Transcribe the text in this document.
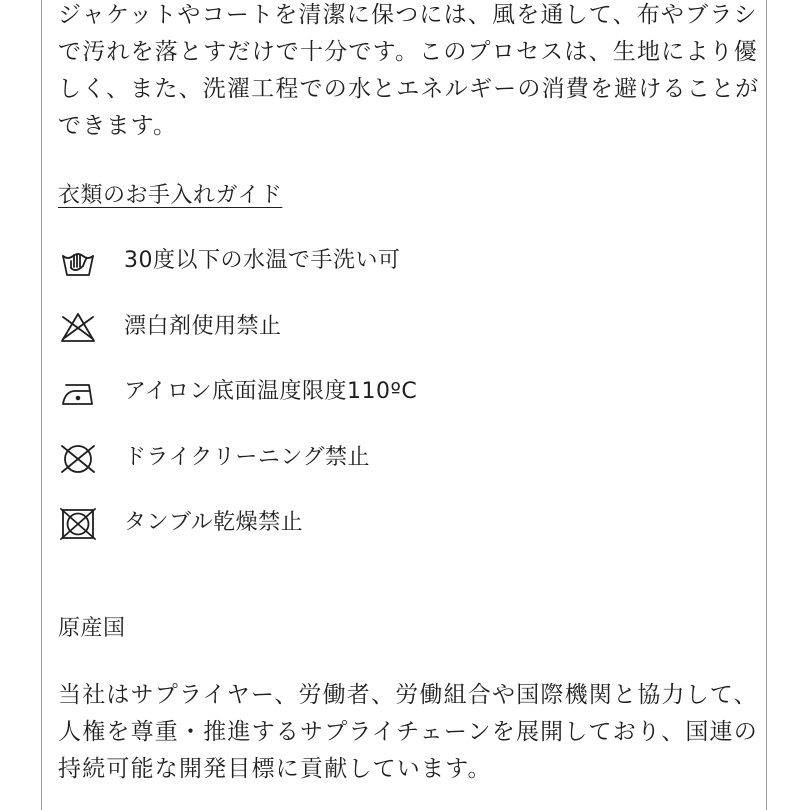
ジャケットやコートを清潔に保つには、風を通して、布やブラシ
で汚れを落とすだけで十分です。このプロセスは、生地により優
しく、また、洗濯工程での水とエネルギーの消費を避けることが
できます。

衣類のお手入れガイド
30度以下の水温で手洗い可
漂白剤使用禁止
アイロン底面温度限度110ºC
ドライクリーニング禁止
タンブル乾燥禁止
原産国

当社はサプライヤー、労働者、労働組合や国際機関と協力して、
人権を尊重・推進するサプライチェーンを展開しており、国連の
持続可能な開発目標に貢献しています。
